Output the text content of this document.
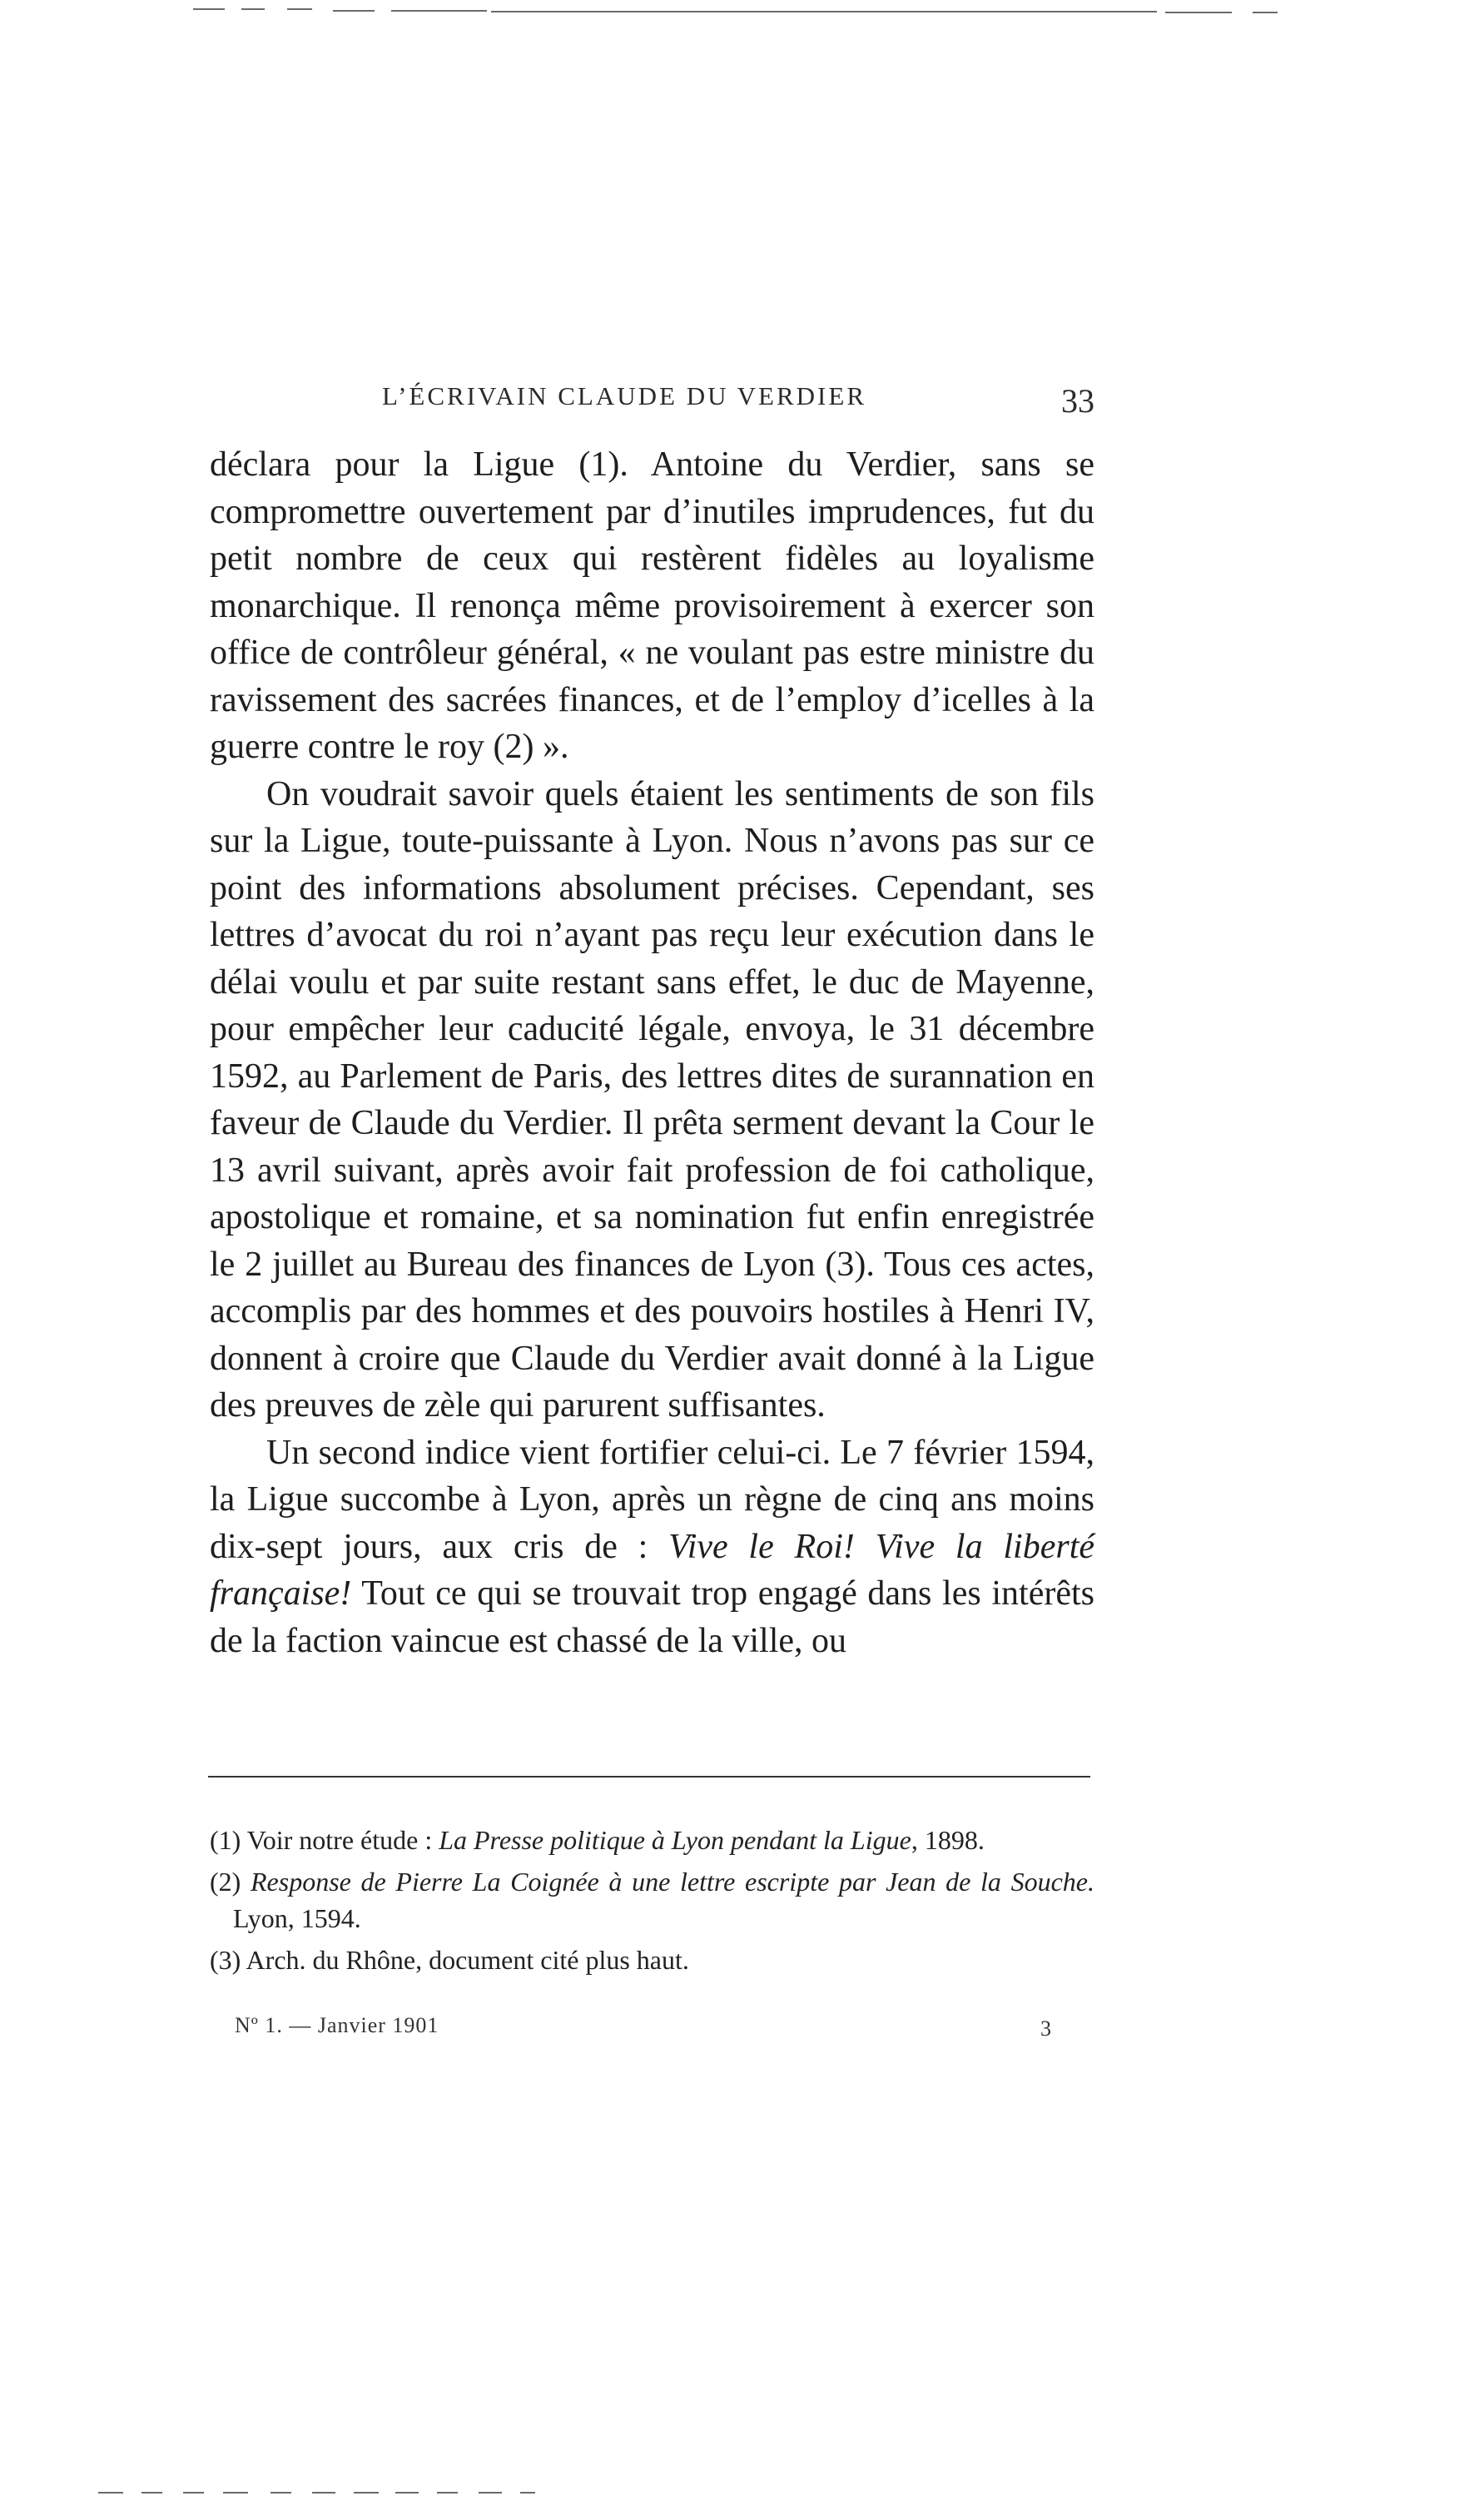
L’ÉCRIVAIN CLAUDE DU VERDIER	33

déclara pour la Ligue (1). Antoine du Verdier, sans se compromettre ouvertement par d’inutiles imprudences, fut du petit nombre de ceux qui restèrent fidèles au loyalisme monarchique. Il renonça même provisoirement à exercer son office de contrôleur général, « ne voulant pas estre ministre du ravissement des sacrées finances, et de l’employ d’icelles à la guerre contre le roy (2) ».

On voudrait savoir quels étaient les sentiments de son fils sur la Ligue, toute-puissante à Lyon. Nous n’avons pas sur ce point des informations absolument précises. Cependant, ses lettres d’avocat du roi n’ayant pas reçu leur exécution dans le délai voulu et par suite restant sans effet, le duc de Mayenne, pour empêcher leur caducité légale, envoya, le 31 décembre 1592, au Parlement de Paris, des lettres dites de surannation en faveur de Claude du Verdier. Il prêta serment devant la Cour le 13 avril suivant, après avoir fait profession de foi catholique, apostolique et romaine, et sa nomination fut enfin enregistrée le 2 juillet au Bureau des finances de Lyon (3). Tous ces actes, accomplis par des hommes et des pouvoirs hostiles à Henri IV, donnent à croire que Claude du Verdier avait donné à la Ligue des preuves de zèle qui parurent suffisantes.

Un second indice vient fortifier celui-ci. Le 7 février 1594, la Ligue succombe à Lyon, après un règne de cinq ans moins dix-sept jours, aux cris de : Vive le Roi! Vive la liberté française! Tout ce qui se trouvait trop engagé dans les intérêts de la faction vaincue est chassé de la ville, ou

(1) Voir notre étude : La Presse politique à Lyon pendant la Ligue, 1898.

(2) Response de Pierre La Coignée à une lettre escripte par Jean de la Souche. Lyon, 1594.

(3) Arch. du Rhône, document cité plus haut.

Nº 1. — Janvier 1901	3
